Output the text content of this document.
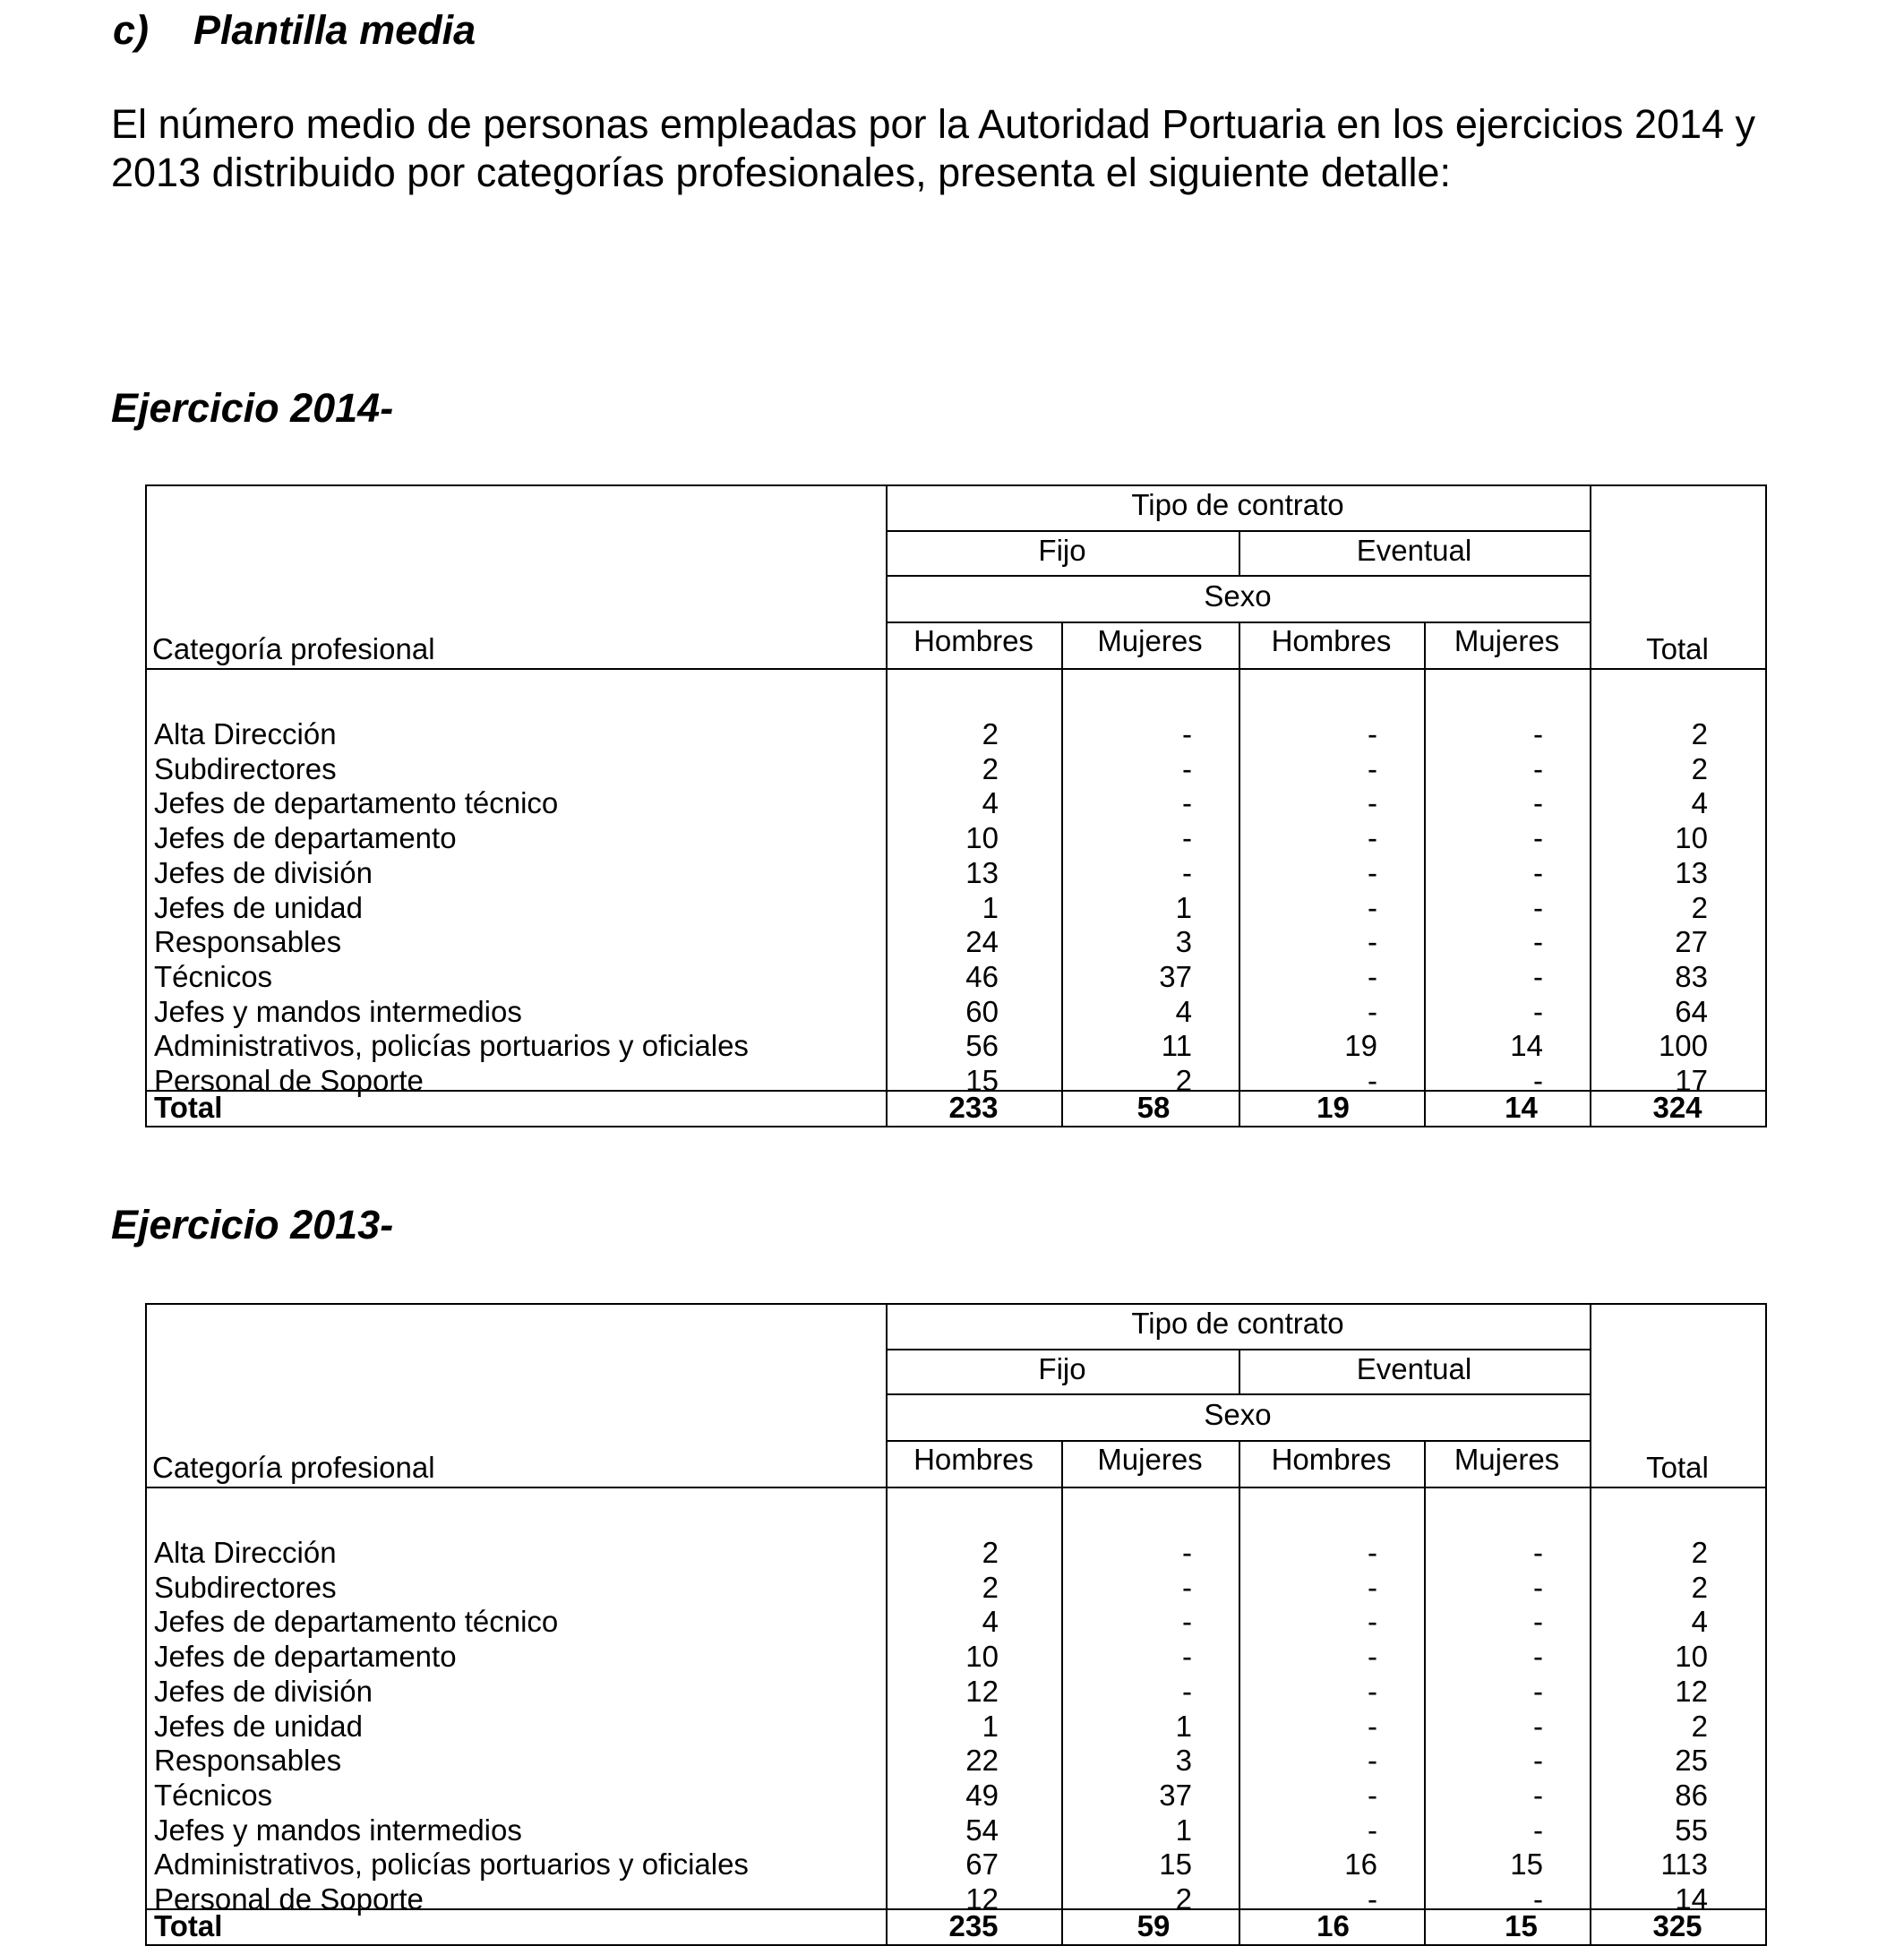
c) Plantilla media

El número medio de personas empleadas por la Autoridad Portuaria en los ejercicios 2014 y 2013 distribuido por categorías profesionales, presenta el siguiente detalle:

Ejercicio 2014-
Tipo de contrato
Fijo	Eventual
Sexo
Categoría profesional	Hombres	Mujeres	Hombres	Mujeres	Total
Alta Dirección	2	-	-	-	2
Subdirectores	2	-	-	-	2
Jefes de departamento técnico	4	-	-	-	4
Jefes de departamento	10	-	-	-	10
Jefes de división	13	-	-	-	13
Jefes de unidad	1	1	-	-	2
Responsables	24	3	-	-	27
Técnicos	46	37	-	-	83
Jefes y mandos intermedios	60	4	-	-	64
Administrativos, policías portuarios y oficiales	56	11	19	14	100
Personal de Soporte	15	2	-	-	17
Total	233	58	19	14	324
Ejercicio 2013-
Tipo de contrato
Fijo	Eventual
Sexo
Categoría profesional	Hombres	Mujeres	Hombres	Mujeres	Total
Alta Dirección	2	-	-	-	2
Subdirectores	2	-	-	-	2
Jefes de departamento técnico	4	-	-	-	4
Jefes de departamento	10	-	-	-	10
Jefes de división	12	-	-	-	12
Jefes de unidad	1	1	-	-	2
Responsables	22	3	-	-	25
Técnicos	49	37	-	-	86
Jefes y mandos intermedios	54	1	-	-	55
Administrativos, policías portuarios y oficiales	67	15	16	15	113
Personal de Soporte	12	2	-	-	14
Total	235	59	16	15	325
